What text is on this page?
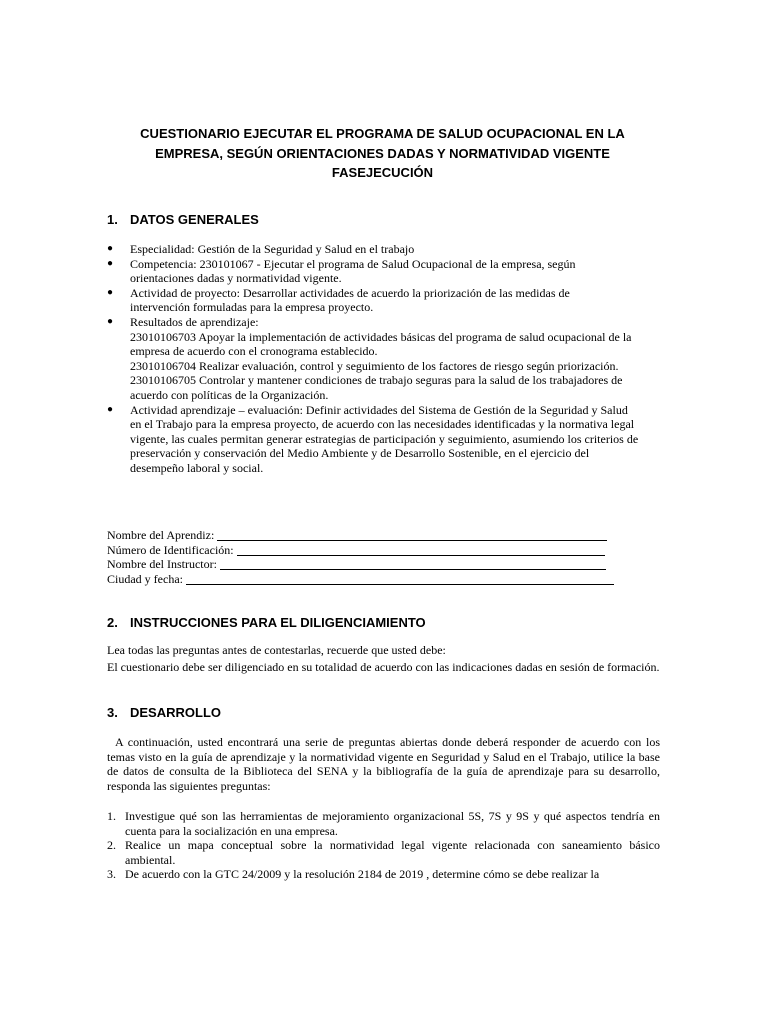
CUESTIONARIO EJECUTAR EL PROGRAMA DE SALUD OCUPACIONAL EN LA
EMPRESA, SEGÚN ORIENTACIONES DADAS Y NORMATIVIDAD VIGENTE
FASEJECUCIÓN
1. DATOS GENERALES
● Especialidad: Gestión de la Seguridad y Salud en el trabajo
● Competencia: 230101067 - Ejecutar el programa de Salud Ocupacional de la empresa, según
orientaciones dadas y normatividad vigente.
● Actividad de proyecto: Desarrollar actividades de acuerdo la priorización de las medidas de
intervención formuladas para la empresa proyecto.
● Resultados de aprendizaje:
23010106703 Apoyar la implementación de actividades básicas del programa de salud ocupacional de la
empresa de acuerdo con el cronograma establecido.
23010106704 Realizar evaluación, control y seguimiento de los factores de riesgo según priorización.
23010106705 Controlar y mantener condiciones de trabajo seguras para la salud de los trabajadores de
acuerdo con políticas de la Organización.
● Actividad aprendizaje – evaluación: Definir actividades del Sistema de Gestión de la Seguridad y Salud
en el Trabajo para la empresa proyecto, de acuerdo con las necesidades identificadas y la normativa legal
vigente, las cuales permitan generar estrategias de participación y seguimiento, asumiendo los criterios de
preservación y conservación del Medio Ambiente y de Desarrollo Sostenible, en el ejercicio del
desempeño laboral y social.
Nombre del Aprendiz:
Número de Identificación:
Nombre del Instructor:
Ciudad y fecha:
2. INSTRUCCIONES PARA EL DILIGENCIAMIENTO

Lea todas las preguntas antes de contestarlas, recuerde que usted debe:

El cuestionario debe ser diligenciado en su totalidad de acuerdo con las indicaciones dadas en sesión de formación.

3. DESARROLLO

A continuación, usted encontrará una serie de preguntas abiertas donde deberá responder de acuerdo con los temas visto en la guía de aprendizaje y la normatividad vigente en Seguridad y Salud en el Trabajo, utilice la base de datos de consulta de la Biblioteca del SENA y la bibliografía de la guía de aprendizaje para su desarrollo, responda las siguientes preguntas:

1. Investigue qué son las herramientas de mejoramiento organizacional 5S, 7S y 9S y qué aspectos tendría en cuenta para la socialización en una empresa.
2. Realice un mapa conceptual sobre la normatividad legal vigente relacionada con saneamiento básico ambiental.
3. De acuerdo con la GTC 24/2009 y la resolución 2184 de 2019 , determine cómo se debe realizar la
